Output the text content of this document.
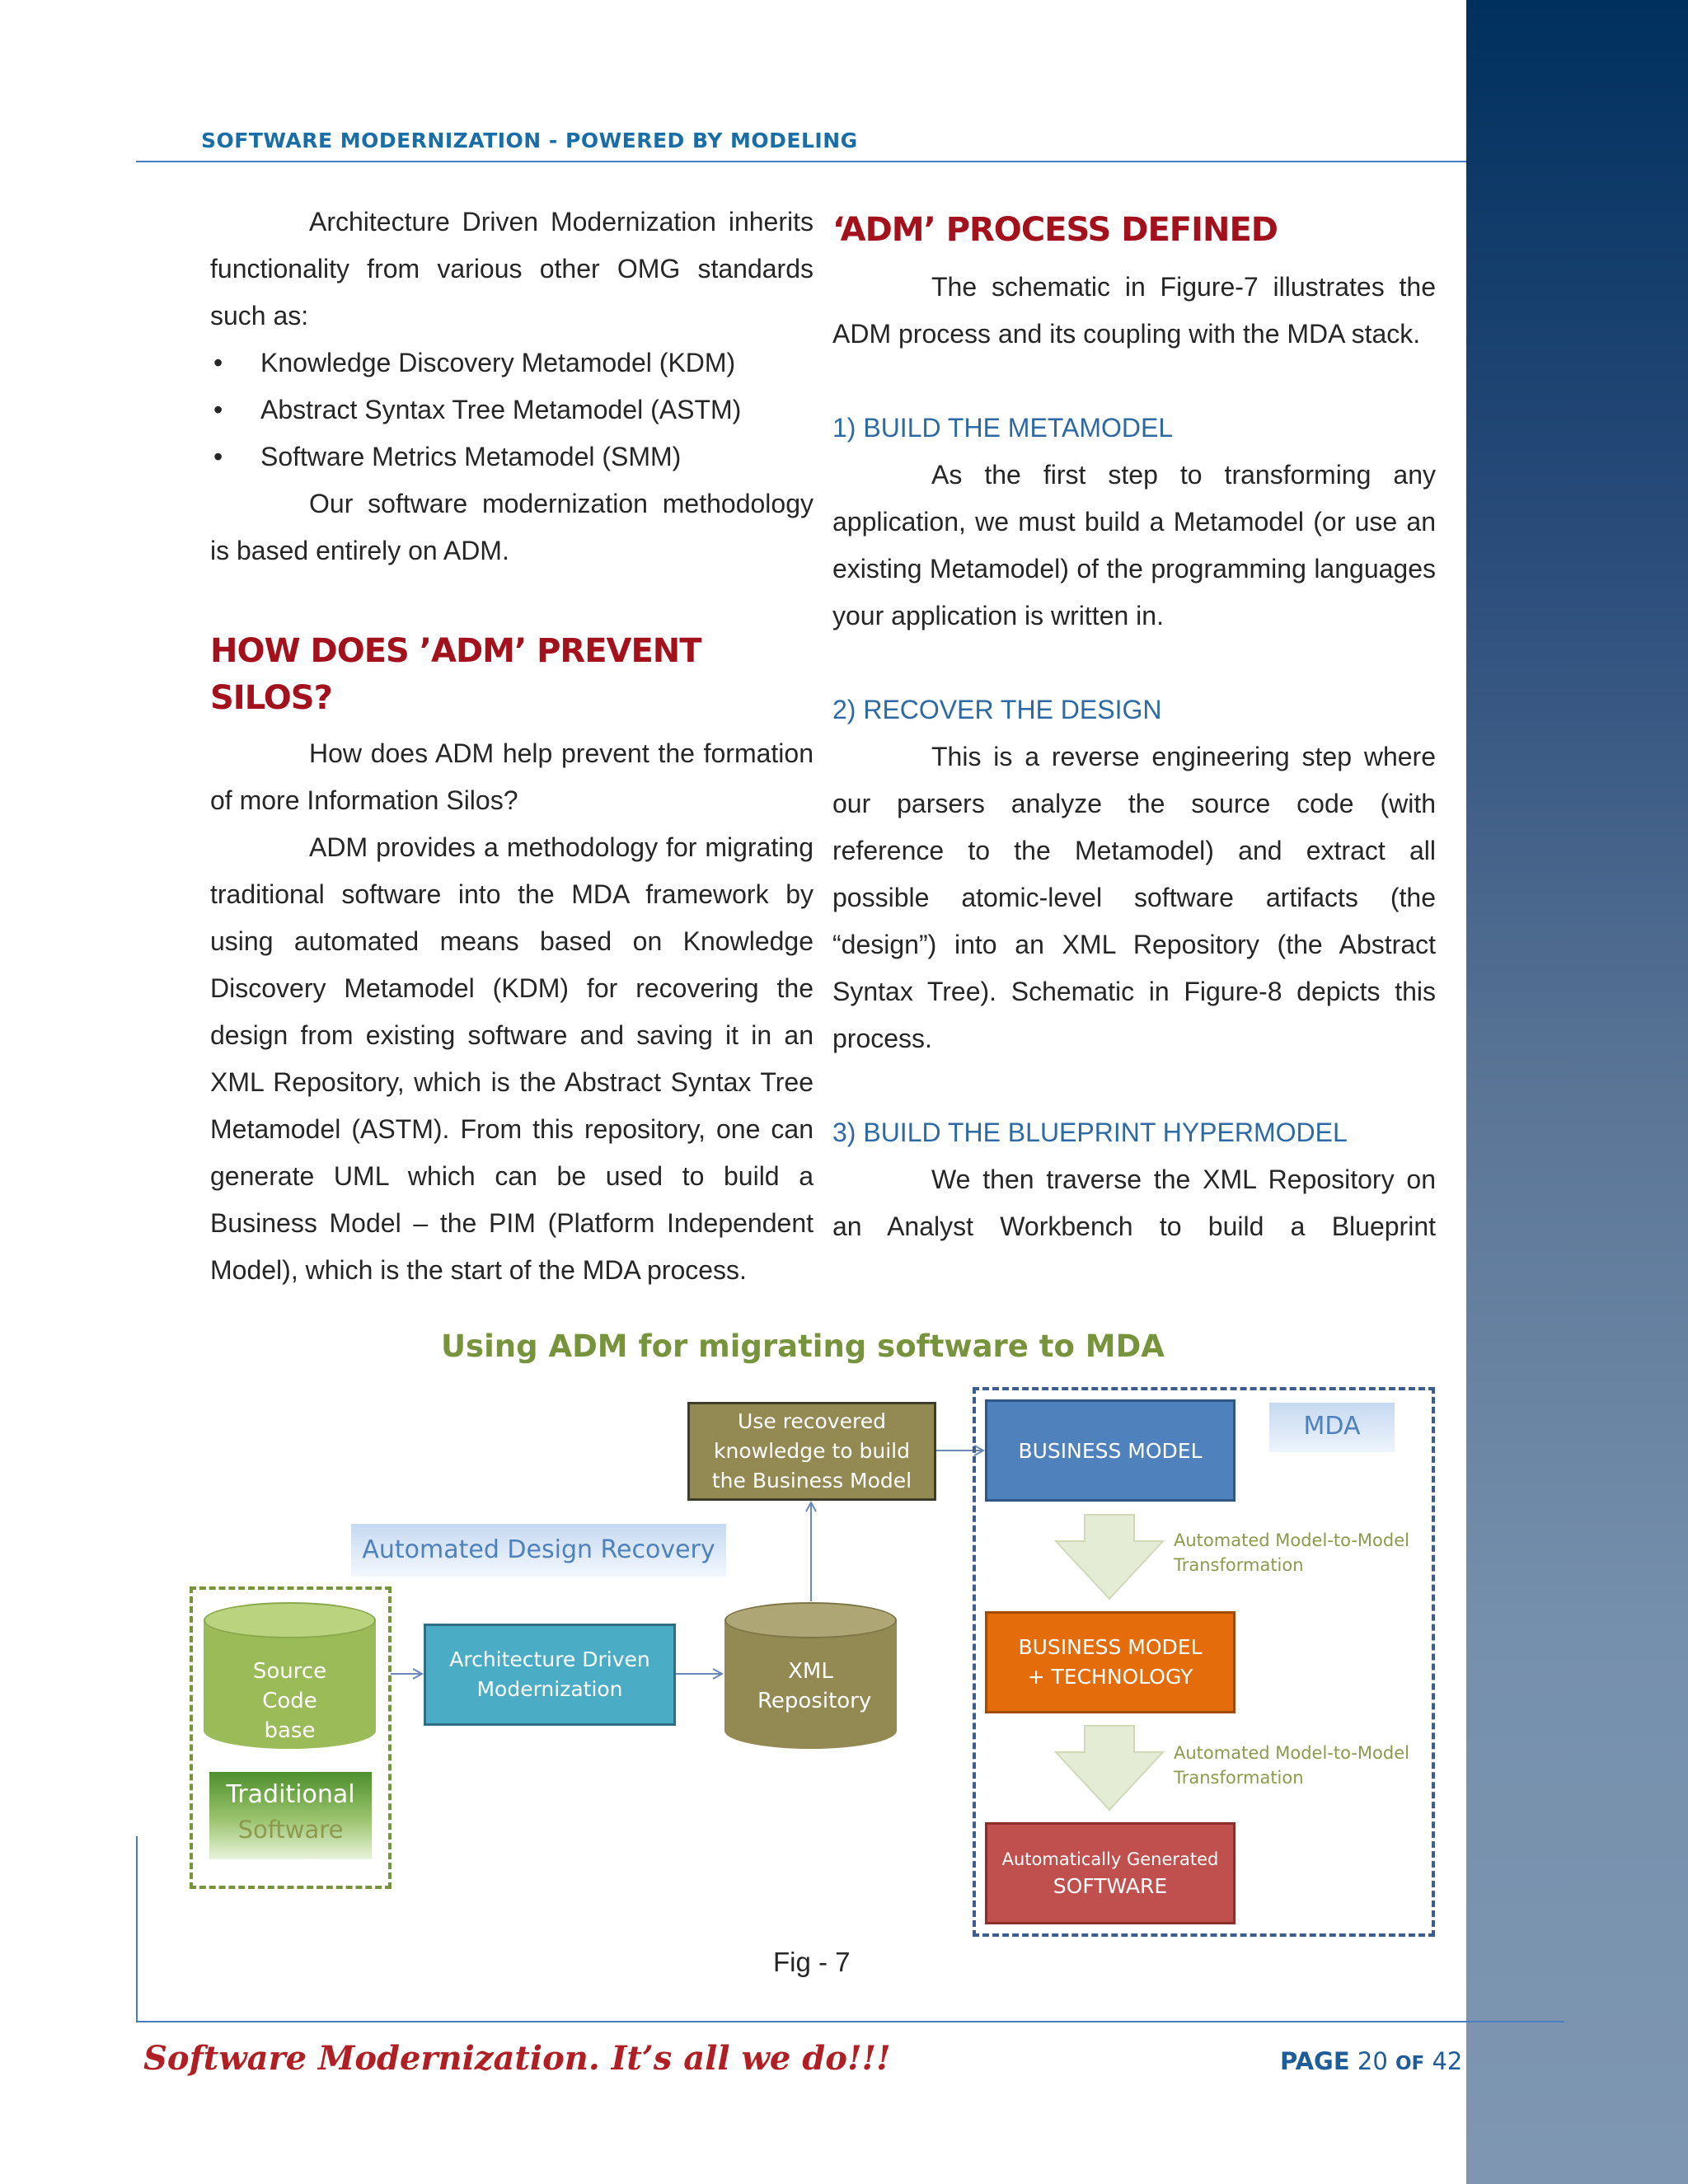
SOFTWARE MODERNIZATION - POWERED BY MODELING

Architecture Driven Modernization inherits functionality from various other OMG standards such as:

• Knowledge Discovery Metamodel (KDM)
• Abstract Syntax Tree Metamodel (ASTM)
• Software Metrics Metamodel (SMM)

Our software modernization methodology is based entirely on ADM.

HOW DOES ’ADM’ PREVENT SILOS?

How does ADM help prevent the formation of more Information Silos?

ADM provides a methodology for migrating traditional software into the MDA framework by using automated means based on Knowledge Discovery Metamodel (KDM) for recovering the design from existing software and saving it in an XML Repository, which is the Abstract Syntax Tree Metamodel (ASTM). From this repository, one can generate UML which can be used to build a Business Model – the PIM (Platform Independent Model), which is the start of the MDA process.

‘ADM’ PROCESS DEFINED

The schematic in Figure-7 illustrates the ADM process and its coupling with the MDA stack.

1) BUILD THE METAMODEL

As the first step to transforming any application, we must build a Metamodel (or use an existing Metamodel) of the programming languages your application is written in.

2) RECOVER THE DESIGN

This is a reverse engineering step where our parsers analyze the source code (with reference to the Metamodel) and extract all possible atomic-level software artifacts (the “design”) into an XML Repository (the Abstract Syntax Tree). Schematic in Figure-8 depicts this process.

3) BUILD THE BLUEPRINT HYPERMODEL

We then traverse the XML Repository on an Analyst Workbench to build a Blueprint

Using ADM for migrating software to MDA
Use recovered knowledge to build the Business Model
MDA
BUSINESS MODEL
Automated Design Recovery	Automated Model-to-Model Transformation
Automated Model-to-Model Transformation
Source Code base
Architecture Driven Modernization
XML Repository
BUSINESS MODEL + TECHNOLOGY
Traditional
Software
Automatically Generated
SOFTWARE
Fig - 7
Software Modernization. It’s all we do!!!	PAGE 20 OF 42
